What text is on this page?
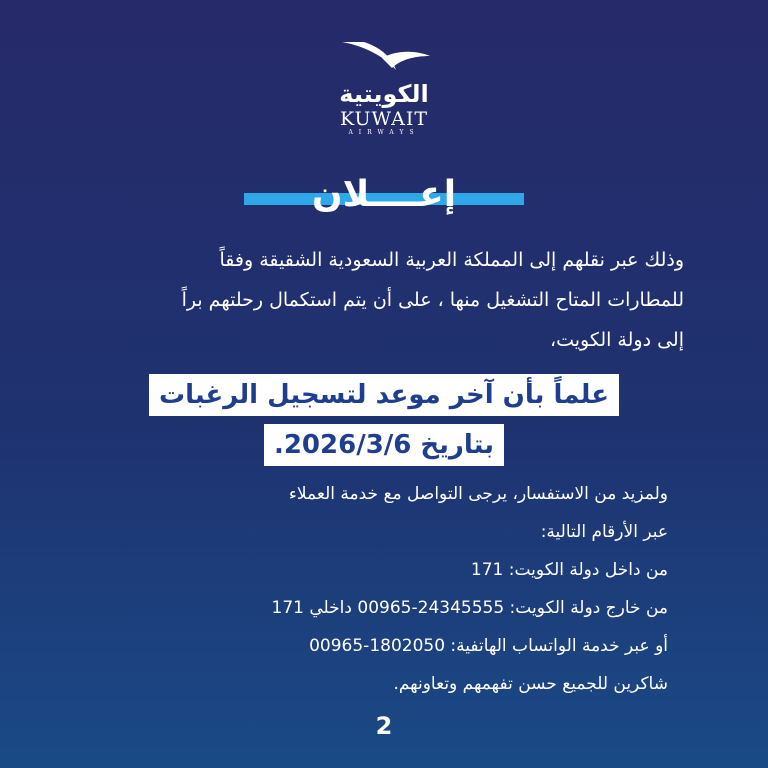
الكويتية
KUWAIT
AIRWAYS
إعــــلان
وذلك عبر نقلهم إلى المملكة العربية السعودية الشقيقة وفقاً
للمطارات المتاح التشغيل منها ، على أن يتم استكمال رحلتهم براً
إلى دولة الكويت،
علماً بأن آخر موعد لتسجيل الرغبات
بتاريخ 2026/3/6.
ولمزيد من الاستفسار، يرجى التواصل مع خدمة العملاء
عبر الأرقام التالية:
من داخل دولة الكويت: 171
من خارج دولة الكويت: 24345555-00965 داخلي 171
أو عبر خدمة الواتساب الهاتفية: 1802050-00965
شاكرين للجميع حسن تفهمهم وتعاونهم.
2
